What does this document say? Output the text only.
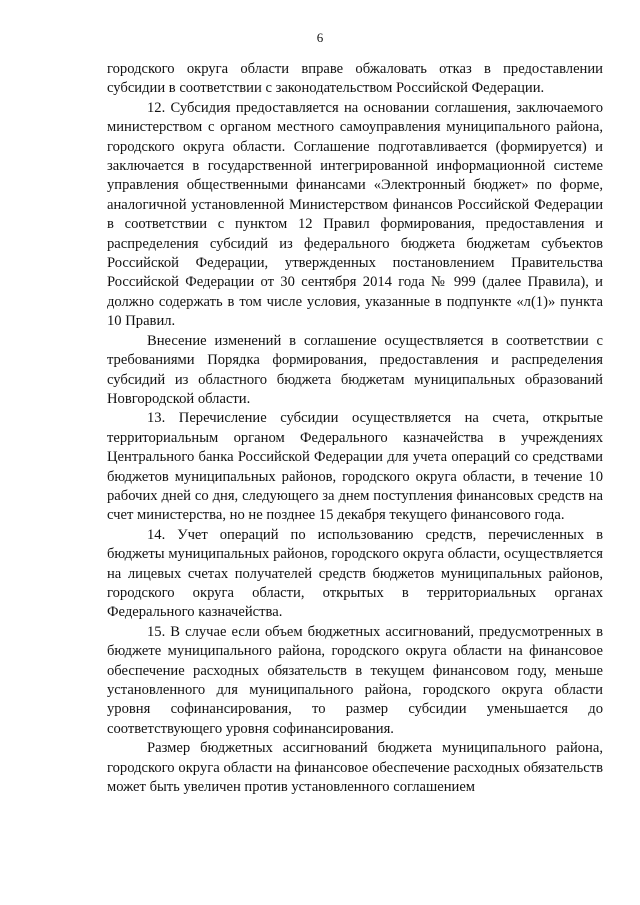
6

городского округа области вправе обжаловать отказ в предоставлении субсидии в соответствии с законодательством Российской Федерации.

12. Субсидия предоставляется на основании соглашения, заключаемого министерством с органом местного самоуправления муниципального района, городского округа области. Соглашение подготавливается (формируется) и заключается в государственной интегрированной информационной системе управления общественными финансами «Электронный бюджет» по форме, аналогичной установленной Министерством финансов Российской Федерации в соответствии с пунктом 12 Правил формирования, предоставления и распределения субсидий из федерального бюджета бюджетам субъектов Российской Федерации, утвержденных постановлением Правительства Российской Федерации от 30 сентября 2014 года № 999 (далее Правила), и должно содержать в том числе условия, указанные в подпункте «л(1)» пункта 10 Правил.

Внесение изменений в соглашение осуществляется в соответствии с требованиями Порядка формирования, предоставления и распределения субсидий из областного бюджета бюджетам муниципальных образований Новгородской области.

13. Перечисление субсидии осуществляется на счета, открытые территориальным органом Федерального казначейства в учреждениях Центрального банка Российской Федерации для учета операций со средствами бюджетов муниципальных районов, городского округа области, в течение 10 рабочих дней со дня, следующего за днем поступления финансовых средств на счет министерства, но не позднее 15 декабря текущего финансового года.

14. Учет операций по использованию средств, перечисленных в бюджеты муниципальных районов, городского округа области, осуществляется на лицевых счетах получателей средств бюджетов муниципальных районов, городского округа области, открытых в территориальных органах Федерального казначейства.

15. В случае если объем бюджетных ассигнований, предусмотренных в бюджете муниципального района, городского округа области на финансовое обеспечение расходных обязательств в текущем финансовом году, меньше установленного для муниципального района, городского округа области уровня софинансирования, то размер субсидии уменьшается до соответствующего уровня софинансирования.

Размер бюджетных ассигнований бюджета муниципального района, городского округа области на финансовое обеспечение расходных обязательств может быть увеличен против установленного соглашением
